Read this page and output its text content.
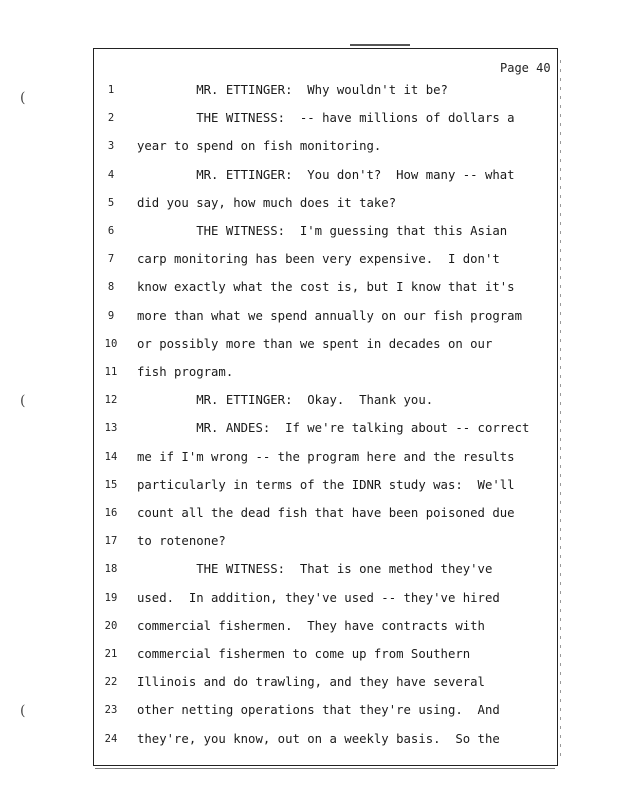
(
(
(
Page 40
1	MR. ETTINGER:  Why wouldn't it be?
2	THE WITNESS:  -- have millions of dollars a
3	year to spend on fish monitoring.
4	MR. ETTINGER:  You don't?  How many -- what
5	did you say, how much does it take?
6	THE WITNESS:  I'm guessing that this Asian
7	carp monitoring has been very expensive.  I don't
8	know exactly what the cost is, but I know that it's
9	more than what we spend annually on our fish program
10	or possibly more than we spent in decades on our
11	fish program.
12	MR. ETTINGER:  Okay.  Thank you.
13	MR. ANDES:  If we're talking about -- correct
14	me if I'm wrong -- the program here and the results
15	particularly in terms of the IDNR study was:  We'll
16	count all the dead fish that have been poisoned due
17	to rotenone?
18	THE WITNESS:  That is one method they've
19	used.  In addition, they've used -- they've hired
20	commercial fishermen.  They have contracts with
21	commercial fishermen to come up from Southern
22	Illinois and do trawling, and they have several
23	other netting operations that they're using.  And
24	they're, you know, out on a weekly basis.  So the
